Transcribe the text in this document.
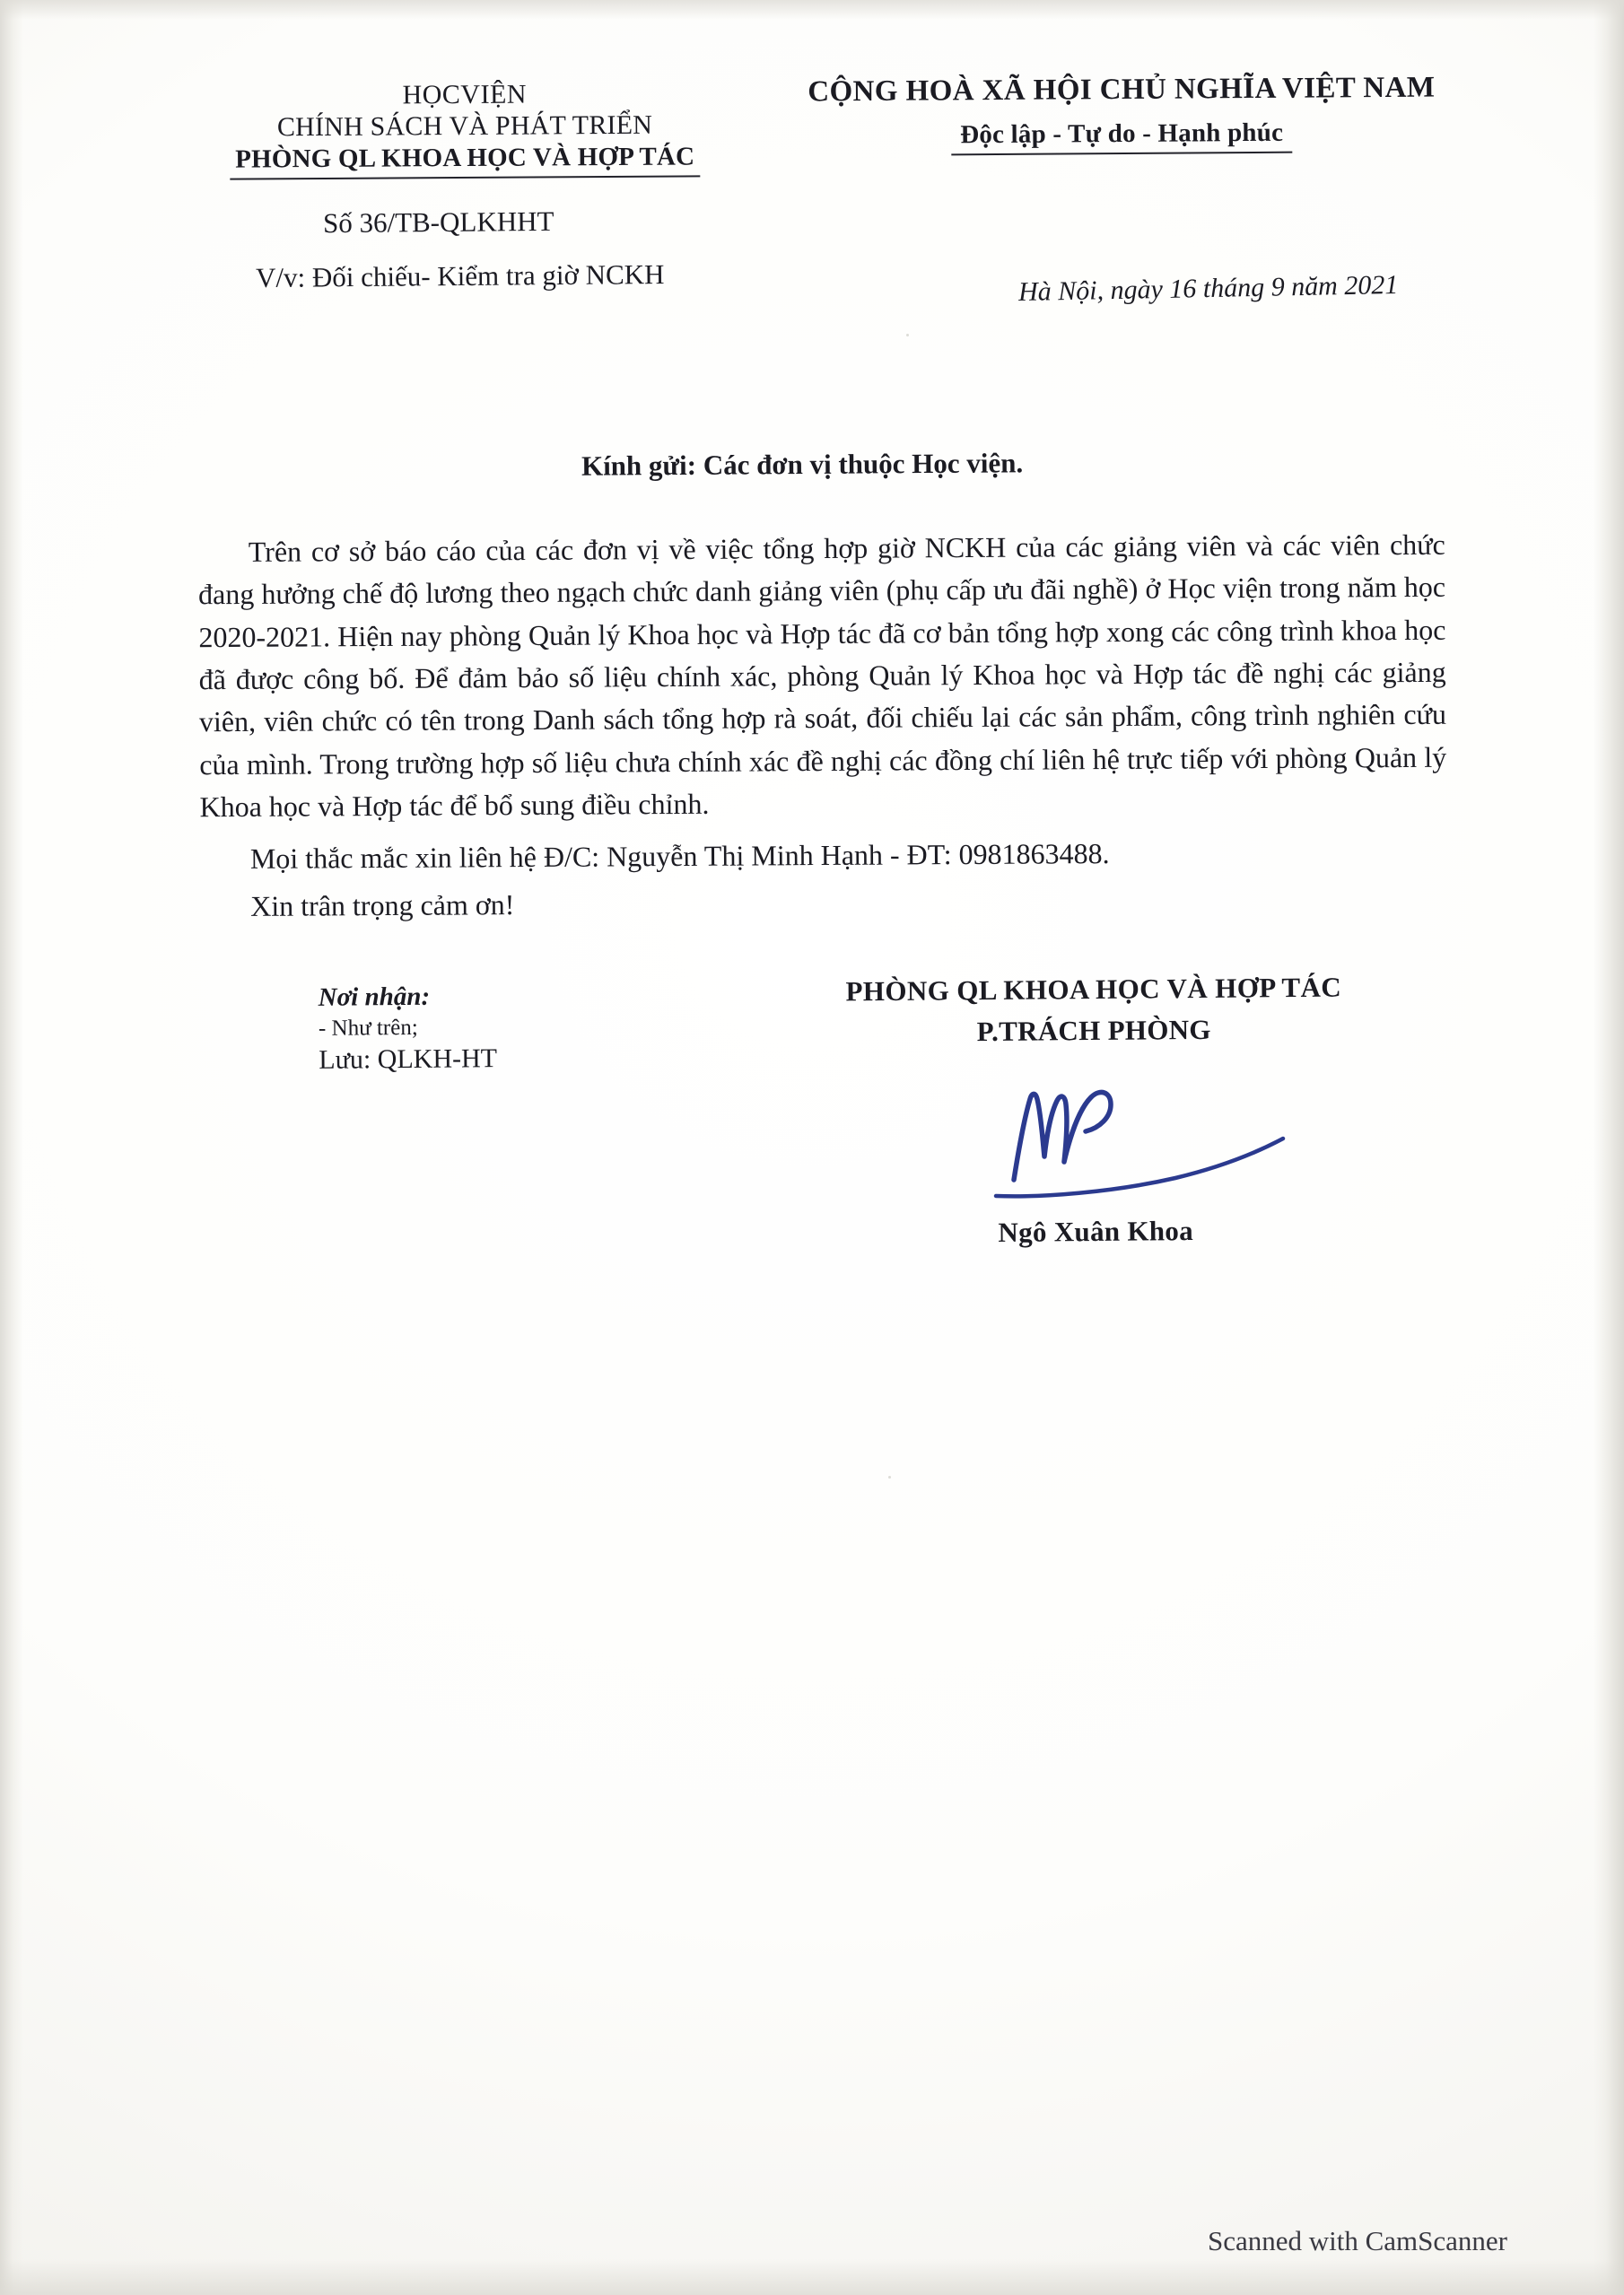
HỌCVIỆN
CHÍNH SÁCH VÀ PHÁT TRIỂN
PHÒNG QL KHOA HỌC VÀ HỢP TÁC
CỘNG HOÀ XÃ HỘI CHỦ NGHĨA VIỆT NAM
Độc lập - Tự do - Hạnh phúc
Số 36/TB-QLKHHT
V/v: Đối chiếu- Kiểm tra giờ NCKH	Hà Nội, ngày 16 tháng 9 năm 2021
Kính gửi: Các đơn vị thuộc Học viện.

Trên cơ sở báo cáo của các đơn vị về việc tổng hợp giờ NCKH của các giảng viên và các viên chức đang hưởng chế độ lương theo ngạch chức danh giảng viên (phụ cấp ưu đãi nghề) ở Học viện trong năm học 2020-2021. Hiện nay phòng Quản lý Khoa học và Hợp tác đã cơ bản tổng hợp xong các công trình khoa học đã được công bố. Để đảm bảo số liệu chính xác, phòng Quản lý Khoa học và Hợp tác đề nghị các giảng viên, viên chức có tên trong Danh sách tổng hợp rà soát, đối chiếu lại các sản phẩm, công trình nghiên cứu của mình. Trong trường hợp số liệu chưa chính xác đề nghị các đồng chí liên hệ trực tiếp với phòng Quản lý Khoa học và Hợp tác để bổ sung điều chỉnh.

Mọi thắc mắc xin liên hệ Đ/C: Nguyễn Thị Minh Hạnh - ĐT: 0981863488.

Xin trân trọng cảm ơn!

Nơi nhận:
- Như trên;
Lưu: QLKH-HT
PHÒNG QL KHOA HỌC VÀ HỢP TÁC
P.TRÁCH PHÒNG
Ngô Xuân Khoa
Scanned with CamScanner
